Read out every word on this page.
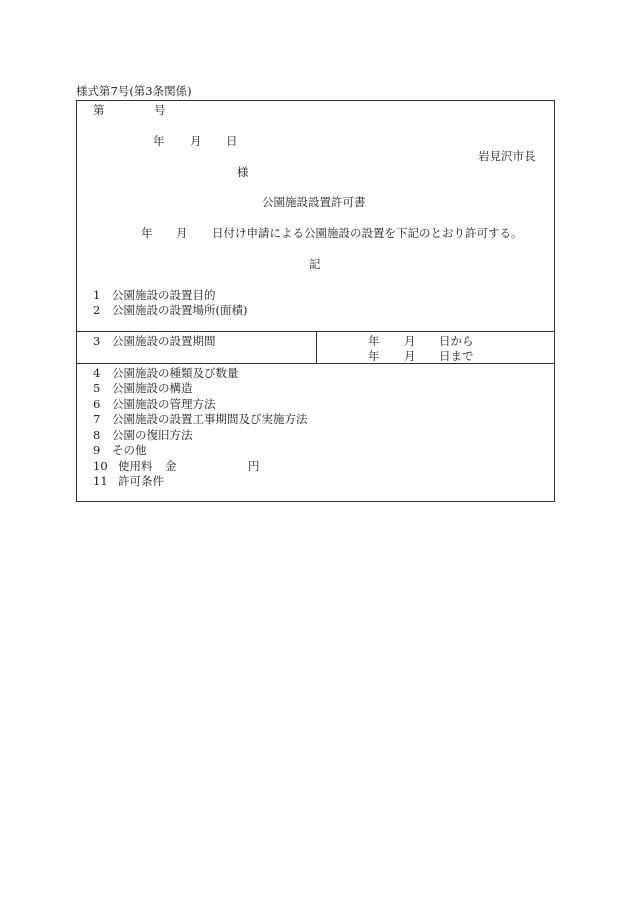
様式第7号(第3条関係)
第	号
年 月 日
岩見沢市長
様
公園施設設置許可書
年 月 日付け申請による公園施設の設置を下記のとおり許可する。
記
1 公園施設の設置目的
2 公園施設の設置場所(面積)
3 公園施設の設置期間	年 月 日から
年 月 日まで
4 公園施設の種類及び数量
5 公園施設の構造
6 公園施設の管理方法
7 公園施設の設置工事期間及び実施方法
8 公園の復旧方法
9 その他
10 使用料 金	円
11 許可条件
